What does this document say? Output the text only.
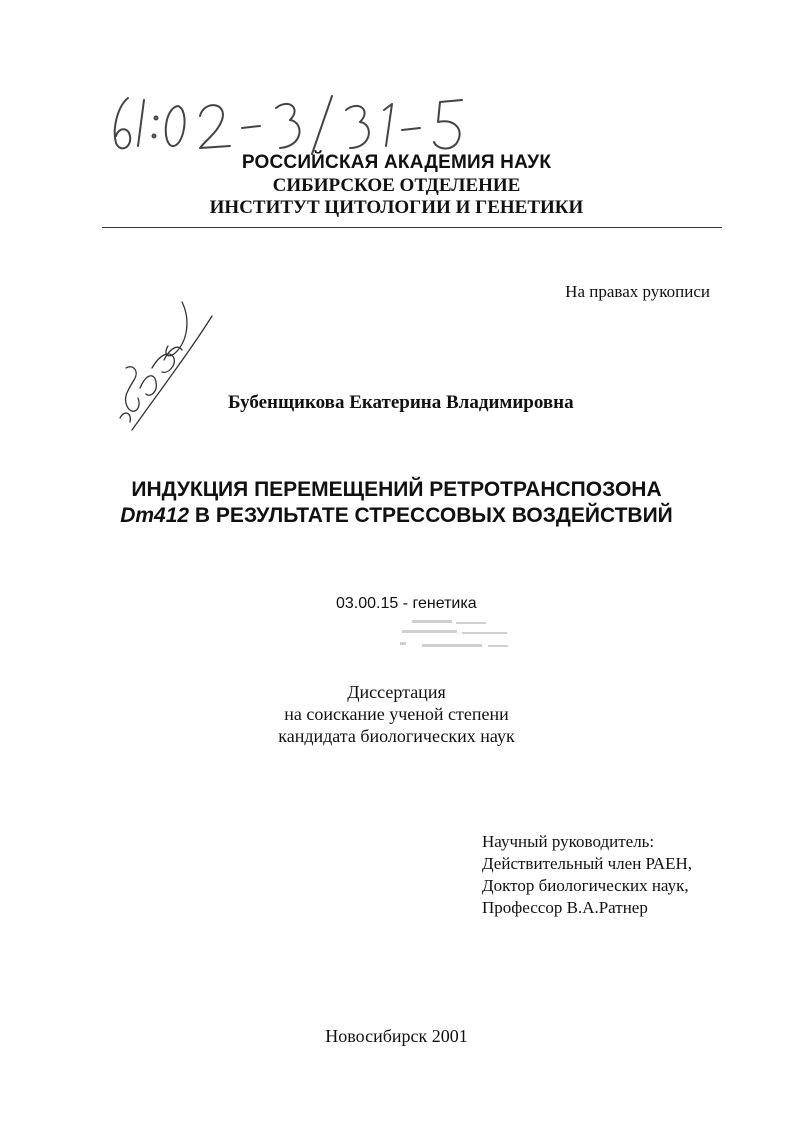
61:02-3/31-5
РОССИЙСКАЯ АКАДЕМИЯ НАУК
СИБИРСКОЕ ОТДЕЛЕНИЕ
ИНСТИТУТ ЦИТОЛОГИИ И ГЕНЕТИКИ
На правах рукописи
Бубенщикова Екатерина Владимировна
ИНДУКЦИЯ ПЕРЕМЕЩЕНИЙ РЕТРОТРАНСПОЗОНА
Dm412 В РЕЗУЛЬТАТЕ СТРЕССОВЫХ ВОЗДЕЙСТВИЙ
03.00.15 - генетика
Диссертация
на соискание ученой степени
кандидата биологических наук
Научный руководитель:
Действительный член РАЕН,
Доктор биологических наук,
Профессор В.А.Ратнер
Новосибирск 2001
